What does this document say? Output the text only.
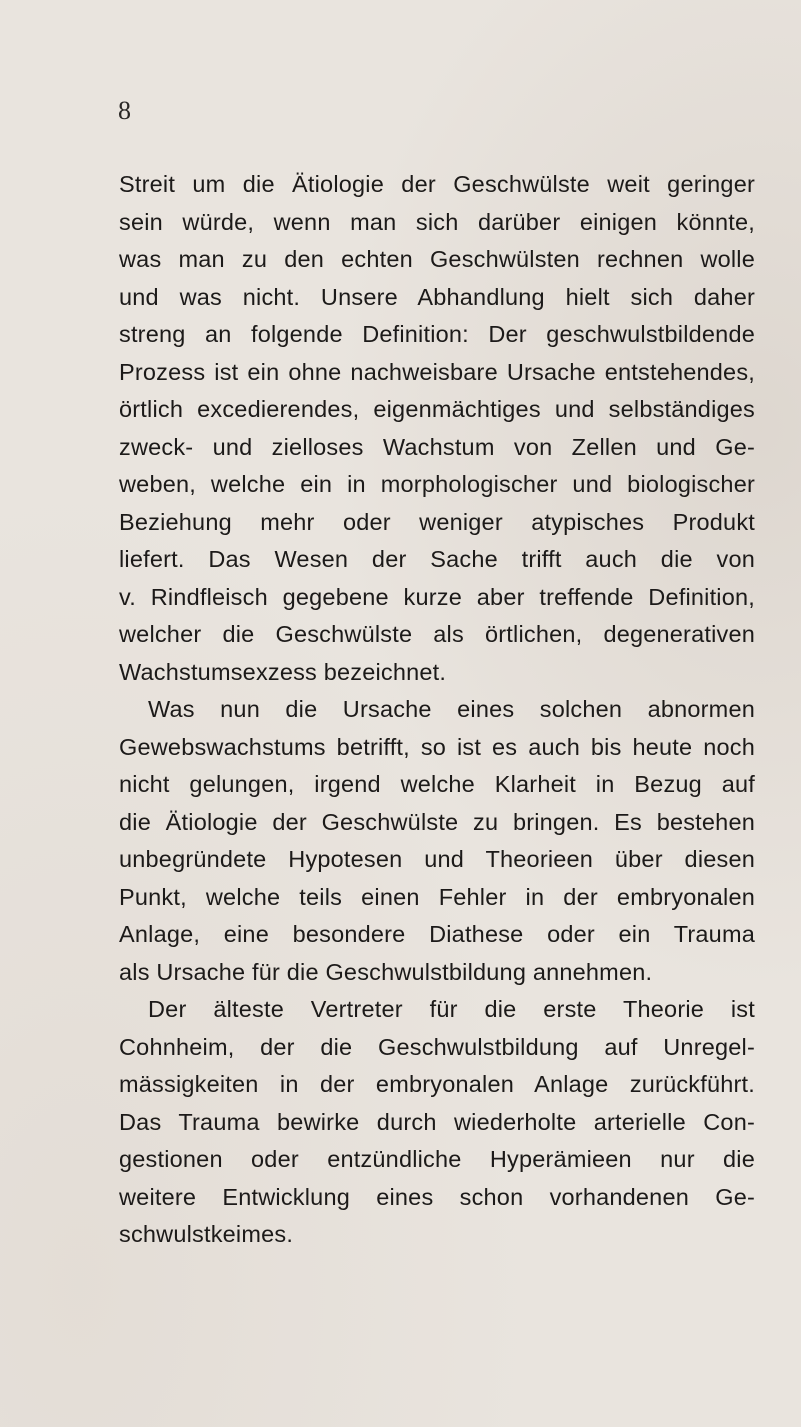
8
Streit um die Ätiologie der Geschwülste weit geringer
sein würde, wenn man sich darüber einigen könnte,
was man zu den echten Geschwülsten rechnen wolle
und was nicht. Unsere Abhandlung hielt sich daher
streng an folgende Definition: Der geschwulstbildende
Prozess ist ein ohne nachweisbare Ursache entstehendes,
örtlich excedierendes, eigenmächtiges und selbständiges
zweck- und zielloses Wachstum von Zellen und Ge-
weben, welche ein in morphologischer und biologischer
Beziehung mehr oder weniger atypisches Produkt
liefert. Das Wesen der Sache trifft auch die von
v. Rindfleisch gegebene kurze aber treffende Definition,
welcher die Geschwülste als örtlichen, degenerativen
Wachstumsexzess bezeichnet.
Was nun die Ursache eines solchen abnormen
Gewebswachstums betrifft, so ist es auch bis heute noch
nicht gelungen, irgend welche Klarheit in Bezug auf
die Ätiologie der Geschwülste zu bringen. Es bestehen
unbegründete Hypotesen und Theorieen über diesen
Punkt, welche teils einen Fehler in der embryonalen
Anlage, eine besondere Diathese oder ein Trauma
als Ursache für die Geschwulstbildung annehmen.
Der älteste Vertreter für die erste Theorie ist
Cohnheim, der die Geschwulstbildung auf Unregel-
mässigkeiten in der embryonalen Anlage zurückführt.
Das Trauma bewirke durch wiederholte arterielle Con-
gestionen oder entzündliche Hyperämieen nur die
weitere Entwicklung eines schon vorhandenen Ge-
schwulstkeimes.
